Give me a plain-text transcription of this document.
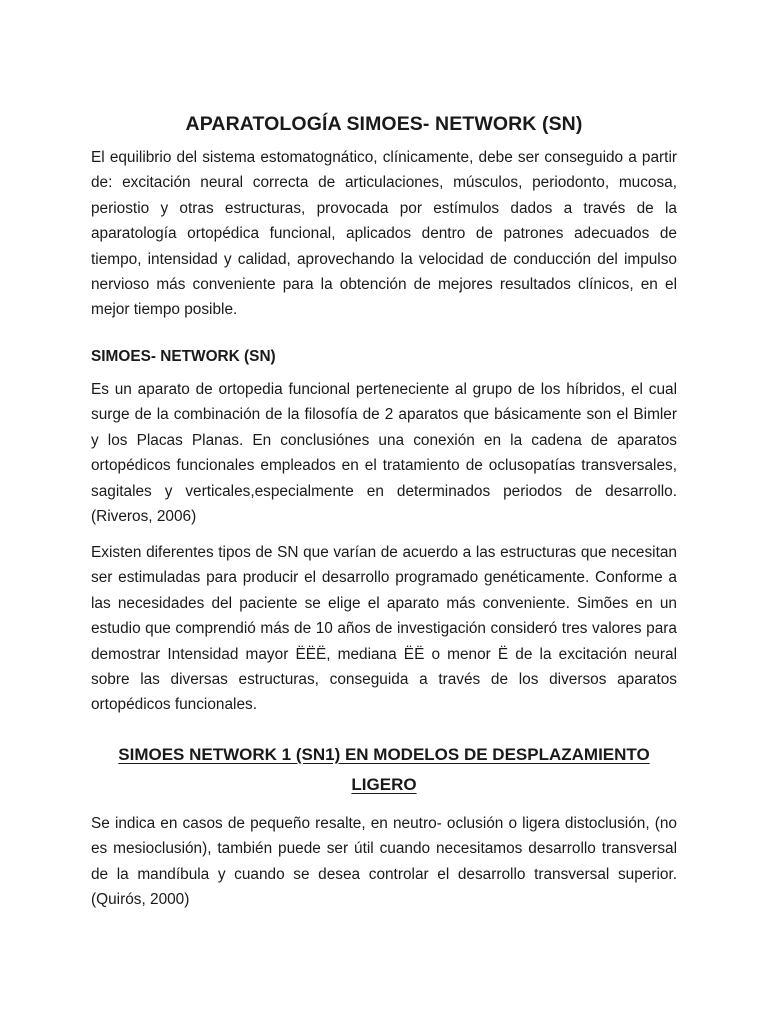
APARATOLOGÍA SIMOES- NETWORK (SN)

El equilibrio del sistema estomatognático, clínicamente, debe ser conseguido a partir de: excitación neural correcta de articulaciones, músculos, periodonto, mucosa, periostio y otras estructuras, provocada por estímulos dados a través de la aparatología ortopédica funcional, aplicados dentro de patrones adecuados de tiempo, intensidad y calidad, aprovechando la velocidad de conducción del impulso nervioso más conveniente para la obtención de mejores resultados clínicos, en el mejor tiempo posible.

SIMOES- NETWORK (SN)

Es un aparato de ortopedia funcional perteneciente al grupo de los híbridos, el cual surge de la combinación de la filosofía de 2 aparatos que básicamente son el Bimler y los Placas Planas. En conclusiónes una conexión en la cadena de aparatos ortopédicos funcionales empleados en el tratamiento de oclusopatías transversales, sagitales y verticales,especialmente en determinados periodos de desarrollo.(Riveros, 2006)

Existen diferentes tipos de SN que varían de acuerdo a las estructuras que necesitan ser estimuladas para producir el desarrollo programado genéticamente. Conforme a las necesidades del paciente se elige el aparato más conveniente. Simões en un estudio que comprendió más de 10 años de investigación consideró tres valores para demostrar Intensidad mayor ËËË, mediana ËË o menor Ë de la excitación neural sobre las diversas estructuras, conseguida a través de los diversos aparatos ortopédicos funcionales.

SIMOES NETWORK 1 (SN1) EN MODELOS DE DESPLAZAMIENTO LIGERO

Se indica en casos de pequeño resalte, en neutro- oclusión o ligera distoclusión, (no es mesioclusión), también puede ser útil cuando necesitamos desarrollo transversal de la mandíbula y cuando se desea controlar el desarrollo transversal superior. (Quirós, 2000)
